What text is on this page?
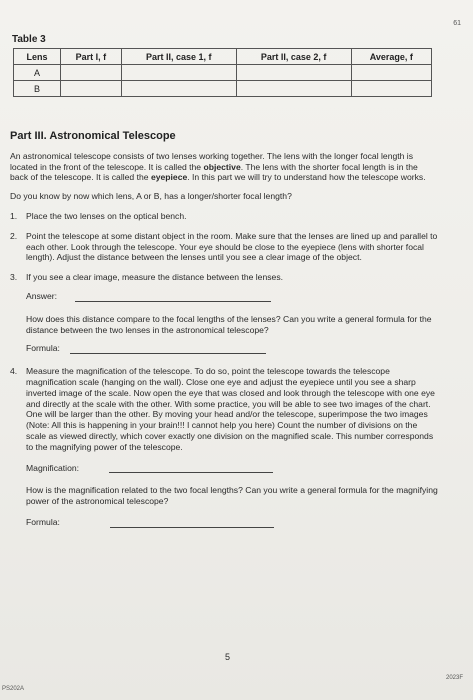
61
Table 3
Lens	Part I, f	Part II, case 1, f	Part II, case 2, f	Average, f
A				
B				
Part III. Astronomical Telescope

An astronomical telescope consists of two lenses working together. The lens with the longer focal length is located in the front of the telescope. It is called the objective. The lens with the shorter focal length is in the back of the telescope. It is called the eyepiece. In this part we will try to understand how the telescope works.

Do you know by now which lens, A or B, has a longer/shorter focal length?

1. Place the two lenses on the optical bench.

2. Point the telescope at some distant object in the room. Make sure that the lenses are lined up and parallel to each other. Look through the telescope. Your eye should be close to the eyepiece (lens with shorter focal length). Adjust the distance between the lenses until you see a clear image of the object.

3. If you see a clear image, measure the distance between the lenses.

Answer:

How does this distance compare to the focal lengths of the lenses? Can you write a general formula for the distance between the two lenses in the astronomical telescope?

Formula:
4. Measure the magnification of the telescope. To do so, point the telescope towards the telescope magnification scale (hanging on the wall). Close one eye and adjust the eyepiece until you see a sharp inverted image of the scale. Now open the eye that was closed and look through the telescope with one eye and directly at the scale with the other. With some practice, you will be able to see two images of the chart. One will be larger than the other. By moving your head and/or the telescope, superimpose the two images (Note: All this is happening in your brain!!! I cannot help you here) Count the number of divisions on the scale as viewed directly, which cover exactly one division on the magnified scale. This number corresponds to the magnifying power of the telescope.

Magnification:

How is the magnification related to the two focal lengths? Can you write a general formula for the magnifying power of the astronomical telescope?

Formula:
5
PS202A
2023F
